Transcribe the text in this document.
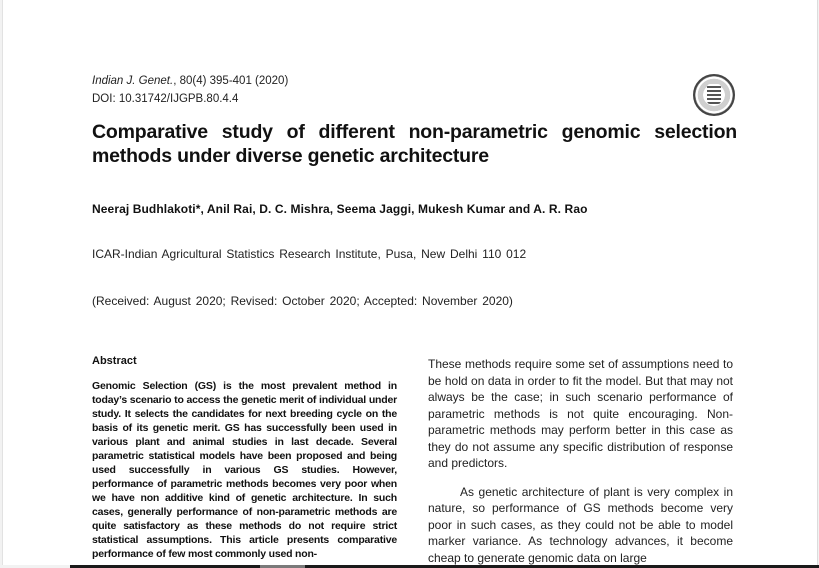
Indian J. Genet., 80(4) 395-401 (2020)
DOI: 10.31742/IJGPB.80.4.4
Comparative study of different non-parametric genomic selection methods under diverse genetic architecture
Neeraj Budhlakoti*, Anil Rai, D. C. Mishra, Seema Jaggi, Mukesh Kumar and A. R. Rao
ICAR-Indian Agricultural Statistics Research Institute, Pusa, New Delhi 110 012
(Received: August 2020; Revised: October 2020; Accepted: November 2020)
Abstract
Genomic Selection (GS) is the most prevalent method in today’s scenario to access the genetic merit of individual under study. It selects the candidates for next breeding cycle on the basis of its genetic merit. GS has successfully been used in various plant and animal studies in last decade. Several parametric statistical models have been proposed and being used successfully in various GS studies. However, performance of parametric methods becomes very poor when we have non additive kind of genetic architecture. In such cases, generally performance of non-parametric methods are quite satisfactory as these methods do not require strict statistical assumptions. This article presents comparative performance of few most commonly used non-

These methods require some set of assumptions need to be hold on data in order to fit the model. But that may not always be the case; in such scenario performance of parametric methods is not quite encouraging. Non- parametric methods may perform better in this case as they do not assume any specific distribution of response and predictors.

As genetic architecture of plant is very complex in nature, so performance of GS methods become very poor in such cases, as they could not be able to model marker variance. As technology advances, it become cheap to generate genomic data on large
